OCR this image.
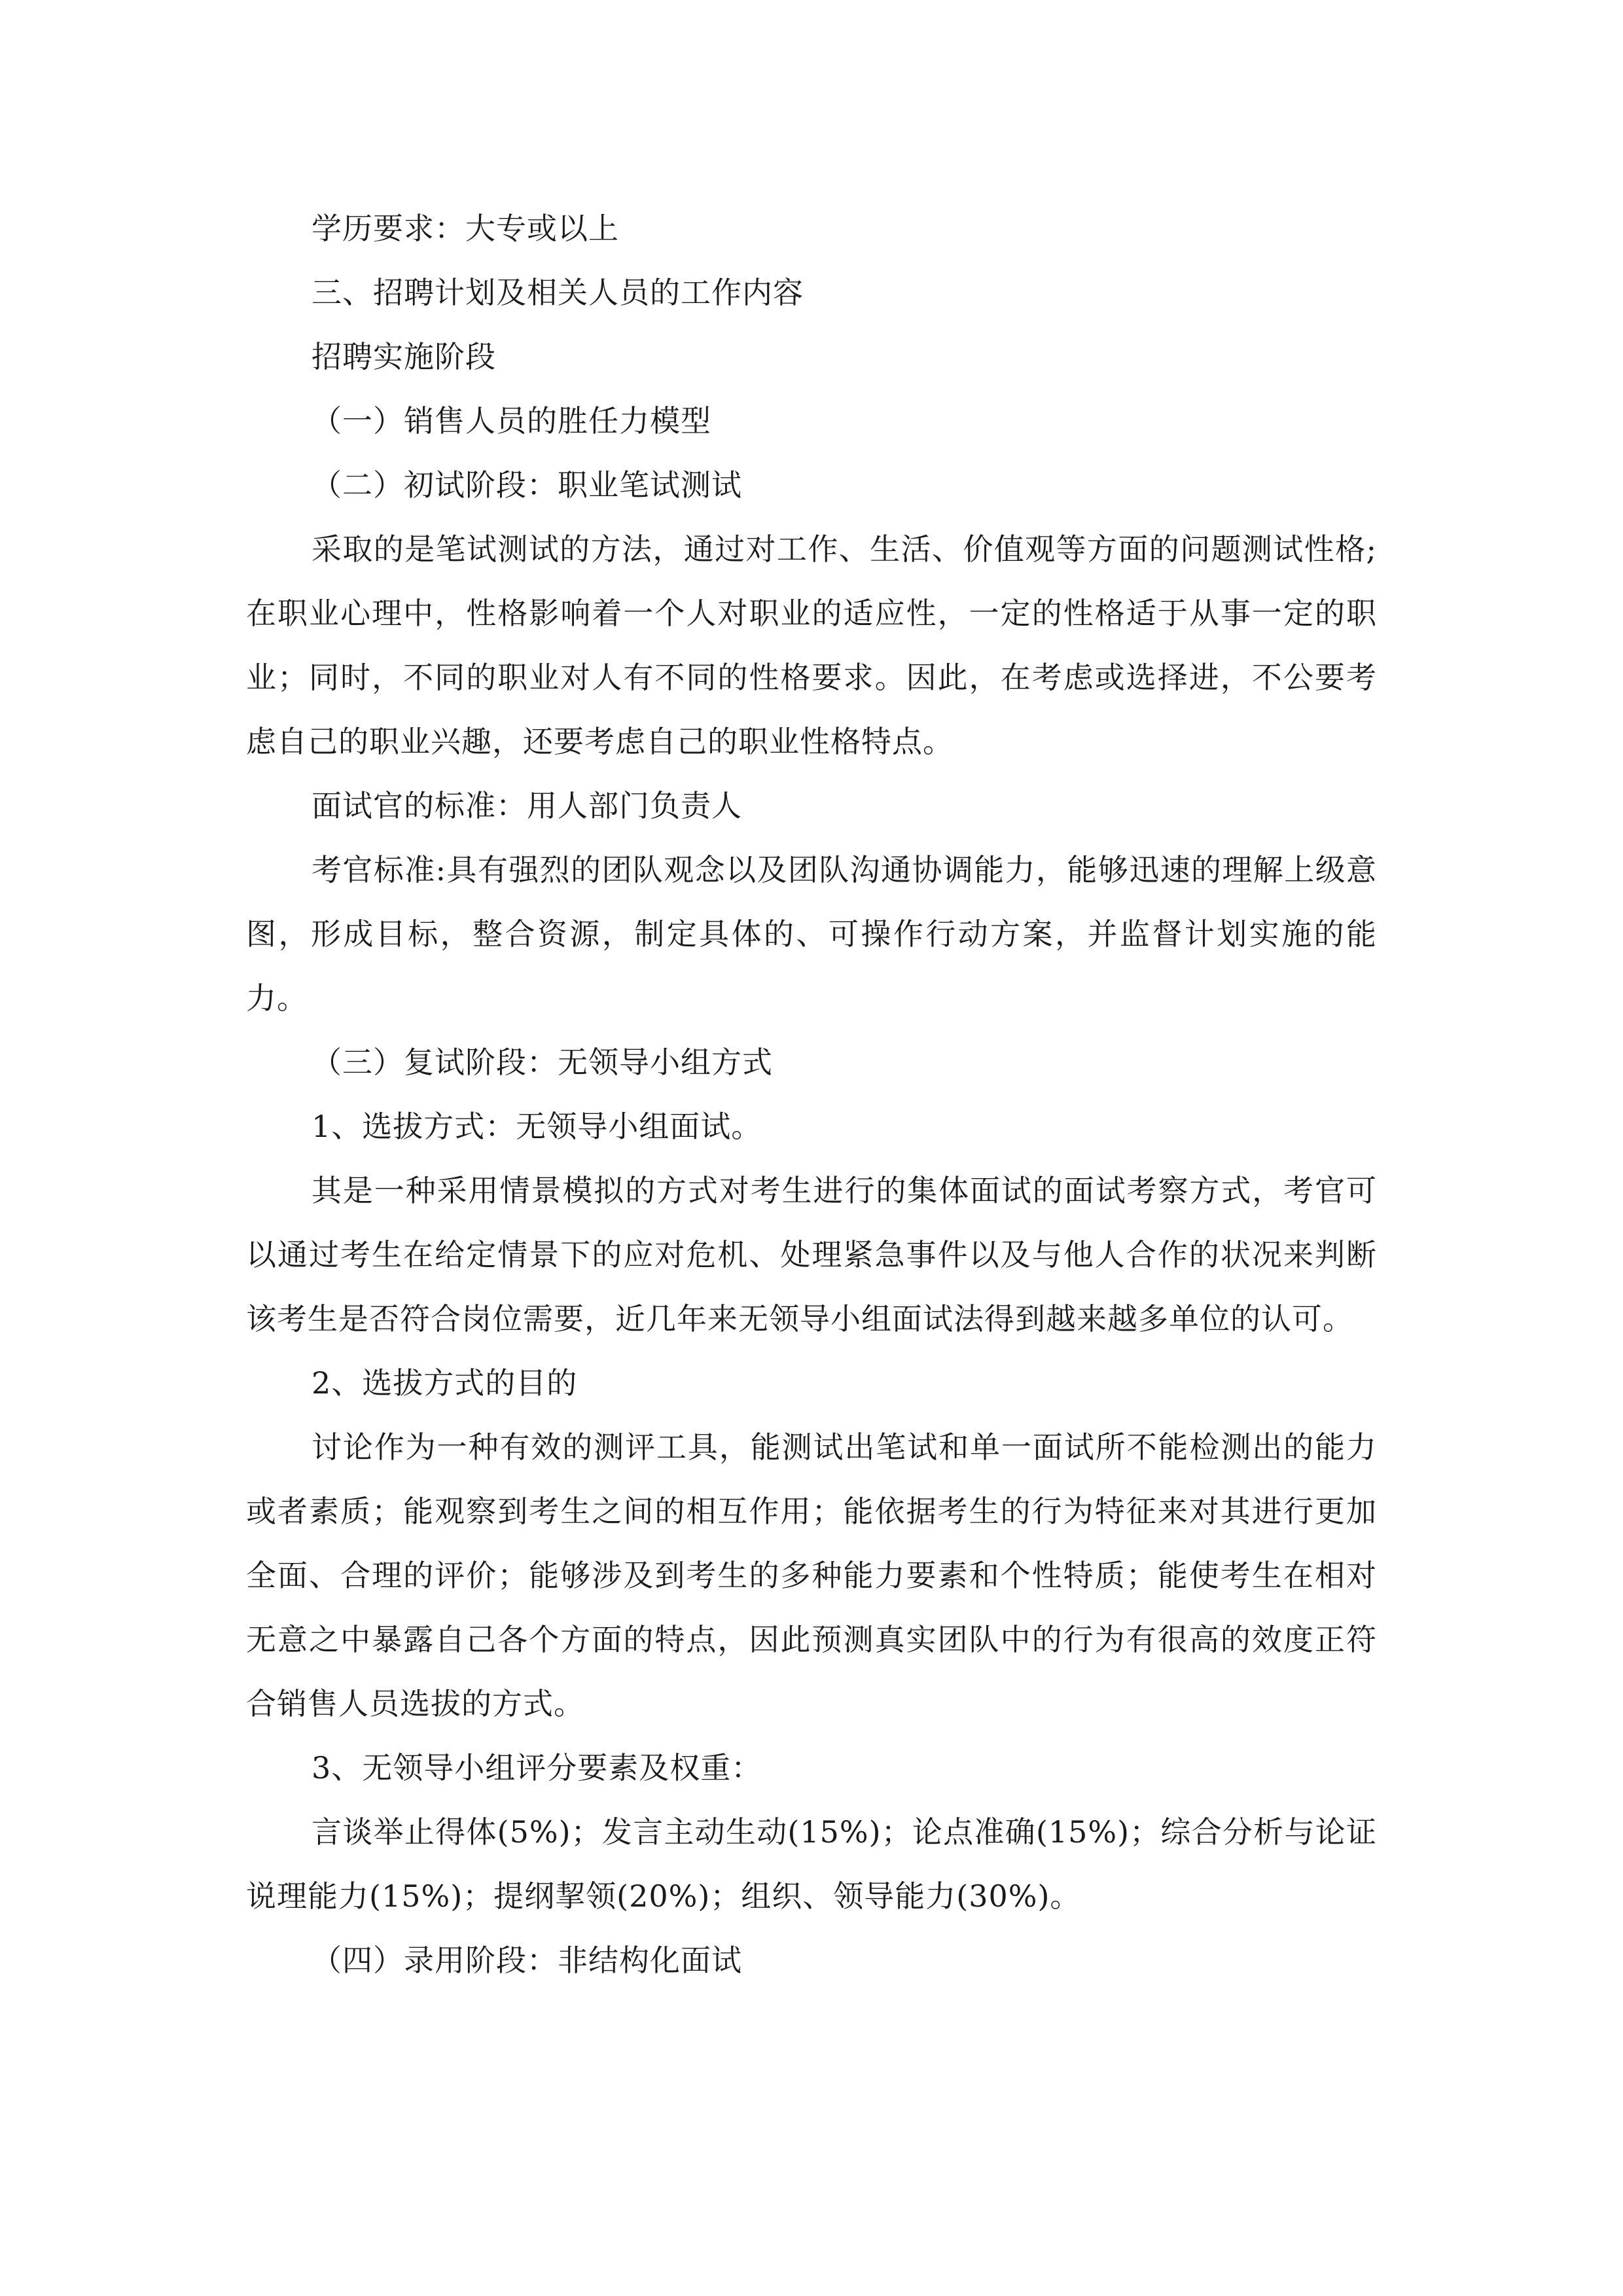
学历要求：大专或以上

三、招聘计划及相关人员的工作内容

招聘实施阶段

（一）销售人员的胜任力模型

（二）初试阶段：职业笔试测试

采取的是笔试测试的方法，通过对工作、生活、价值观等方面的问题测试性格;在职业心理中，性格影响着一个人对职业的适应性，一定的性格适于从事一定的职业；同时，不同的职业对人有不同的性格要求。因此，在考虑或选择进，不公要考虑自己的职业兴趣，还要考虑自己的职业性格特点。

面试官的标准：用人部门负责人

考官标准:具有强烈的团队观念以及团队沟通协调能力，能够迅速的理解上级意图，形成目标，整合资源，制定具体的、可操作行动方案，并监督计划实施的能力。

（三）复试阶段：无领导小组方式

1、选拔方式：无领导小组面试。

其是一种采用情景模拟的方式对考生进行的集体面试的面试考察方式，考官可以通过考生在给定情景下的应对危机、处理紧急事件以及与他人合作的状况来判断该考生是否符合岗位需要，近几年来无领导小组面试法得到越来越多单位的认可。

2、选拔方式的目的

讨论作为一种有效的测评工具，能测试出笔试和单一面试所不能检测出的能力或者素质；能观察到考生之间的相互作用；能依据考生的行为特征来对其进行更加全面、合理的评价；能够涉及到考生的多种能力要素和个性特质；能使考生在相对无意之中暴露自己各个方面的特点，因此预测真实团队中的行为有很高的效度正符合销售人员选拔的方式。

3、无领导小组评分要素及权重：

言谈举止得体(5%)；发言主动生动(15%)；论点准确(15%)；综合分析与论证说理能力(15%)；提纲挈领(20%)；组织、领导能力(30%)。

（四）录用阶段：非结构化面试
